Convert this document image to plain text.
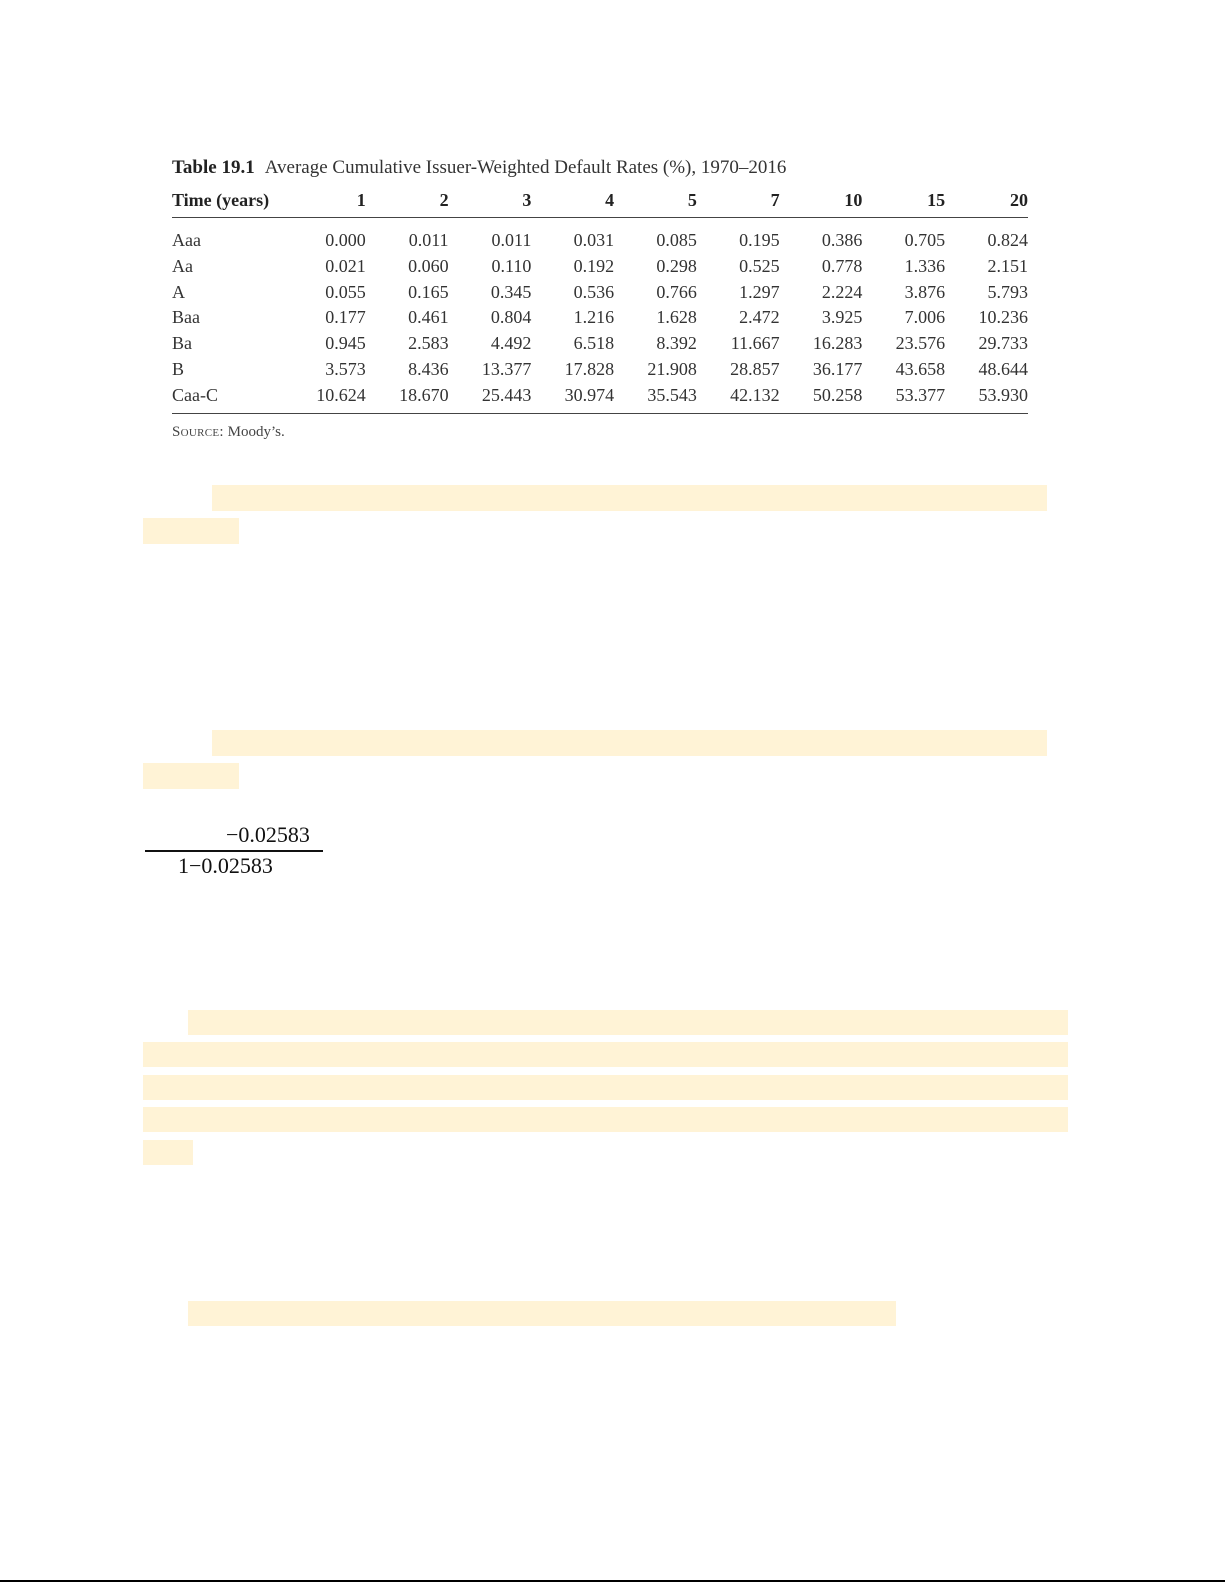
Table 19.1 Average Cumulative Issuer-Weighted Default Rates (%), 1970–2016
Time (years)	1	2	3	4	5	7	10	15	20
Aaa	0.000	0.011	0.011	0.031	0.085	0.195	0.386	0.705	0.824
Aa	0.021	0.060	0.110	0.192	0.298	0.525	0.778	1.336	2.151
A	0.055	0.165	0.345	0.536	0.766	1.297	2.224	3.876	5.793
Baa	0.177	0.461	0.804	1.216	1.628	2.472	3.925	7.006	10.236
Ba	0.945	2.583	4.492	6.518	8.392	11.667	16.283	23.576	29.733
B	3.573	8.436	13.377	17.828	21.908	28.857	36.177	43.658	48.644
Caa-C	10.624	18.670	25.443	30.974	35.543	42.132	50.258	53.377	53.930
Source: Moody’s.
−0.02583
1−0.02583
